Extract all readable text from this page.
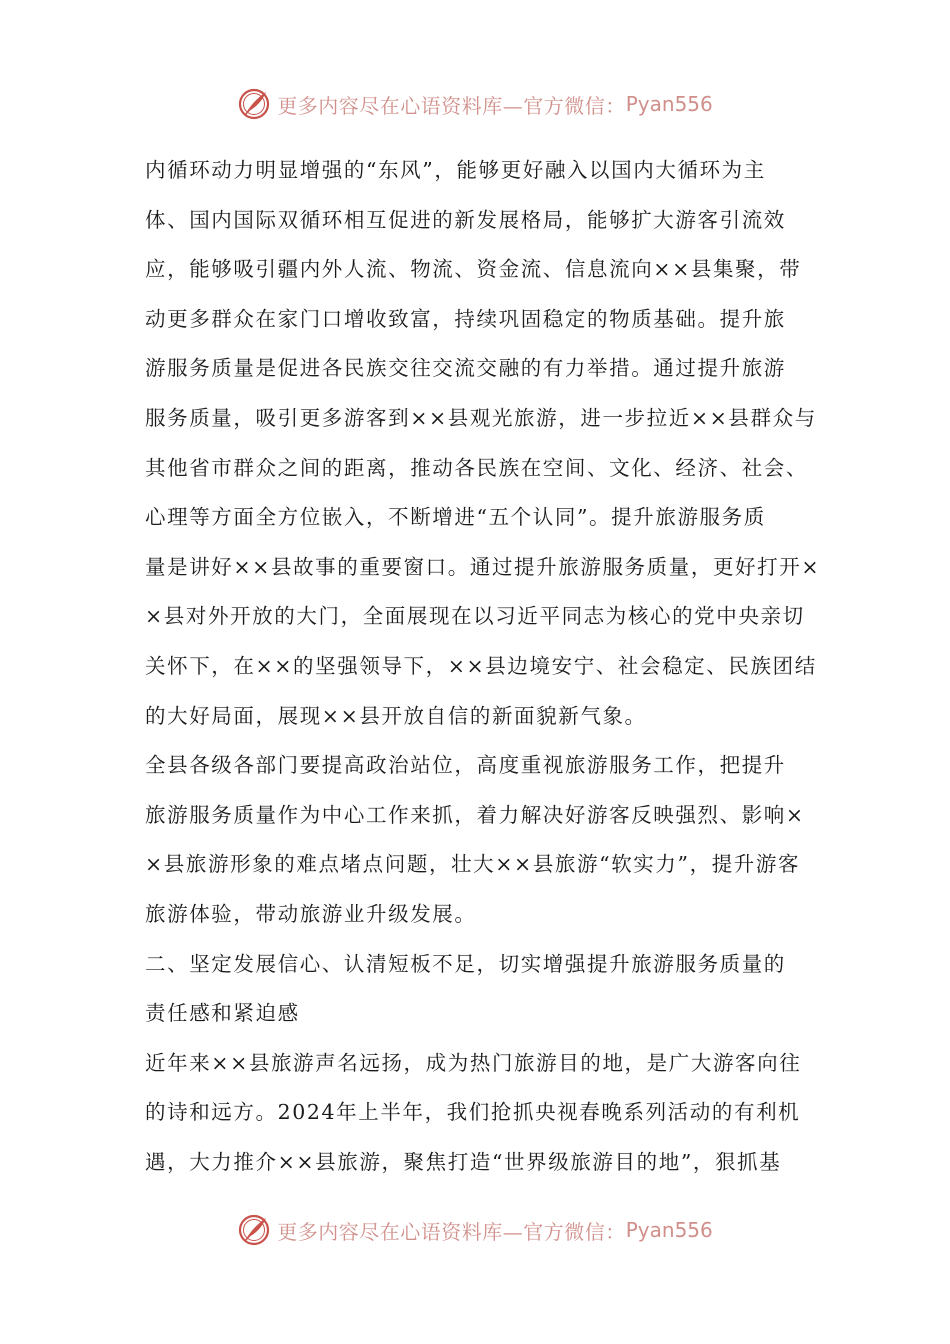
更多内容尽在心语资料库—官方微信： Pyan556
内循环动力明显增强的“东风”，能够更好融入以国内大循环为主
体、国内国际双循环相互促进的新发展格局，能够扩大游客引流效
应，能够吸引疆内外人流、物流、资金流、信息流向××县集聚，带
动更多群众在家门口增收致富，持续巩固稳定的物质基础。提升旅
游服务质量是促进各民族交往交流交融的有力举措。通过提升旅游
服务质量，吸引更多游客到××县观光旅游，进一步拉近××县群众与
其他省市群众之间的距离，推动各民族在空间、文化、经济、社会、
心理等方面全方位嵌入，不断增进“五个认同”。提升旅游服务质
量是讲好××县故事的重要窗口。通过提升旅游服务质量，更好打开×
×县对外开放的大门，全面展现在以习近平同志为核心的党中央亲切
关怀下，在××的坚强领导下，××县边境安宁、社会稳定、民族团结
的大好局面，展现××县开放自信的新面貌新气象。
全县各级各部门要提高政治站位，高度重视旅游服务工作，把提升
旅游服务质量作为中心工作来抓，着力解决好游客反映强烈、影响×
×县旅游形象的难点堵点问题，壮大××县旅游“软实力”，提升游客
旅游体验，带动旅游业升级发展。
二、坚定发展信心、认清短板不足，切实增强提升旅游服务质量的
责任感和紧迫感
近年来××县旅游声名远扬，成为热门旅游目的地，是广大游客向往
的诗和远方。2024年上半年，我们抢抓央视春晚系列活动的有利机
遇，大力推介××县旅游，聚焦打造“世界级旅游目的地”，狠抓基
更多内容尽在心语资料库—官方微信： Pyan556
